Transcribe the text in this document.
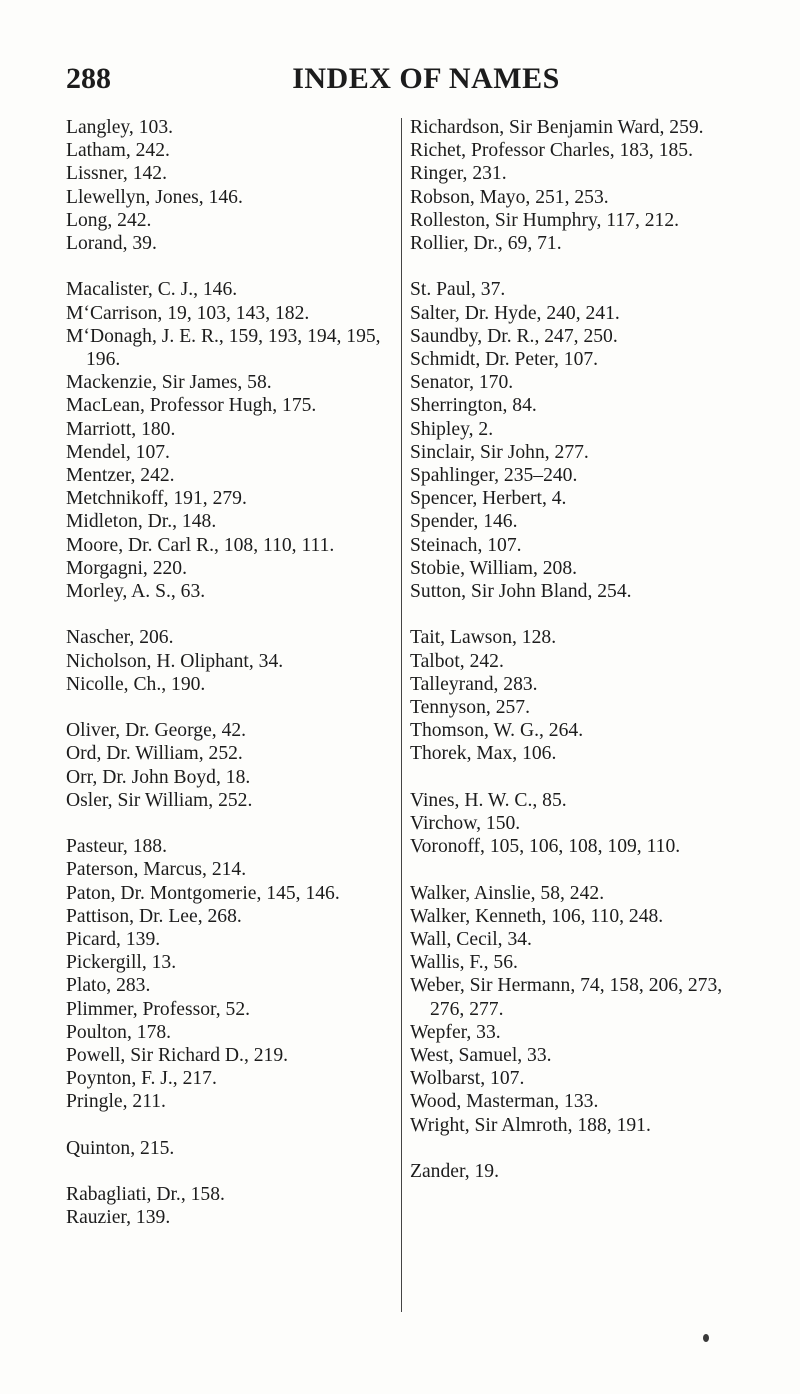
288	INDEX OF NAMES
Langley, 103.
Latham, 242.
Lissner, 142.
Llewellyn, Jones, 146.
Long, 242.
Lorand, 39.
Macalister, C. J., 146.
M‘Carrison, 19, 103, 143, 182.
M‘Donagh, J. E. R., 159, 193, 194, 195, 196.
Mackenzie, Sir James, 58.
MacLean, Professor Hugh, 175.
Marriott, 180.
Mendel, 107.
Mentzer, 242.
Metchnikoff, 191, 279.
Midleton, Dr., 148.
Moore, Dr. Carl R., 108, 110, 111.
Morgagni, 220.
Morley, A. S., 63.
Nascher, 206.
Nicholson, H. Oliphant, 34.
Nicolle, Ch., 190.
Oliver, Dr. George, 42.
Ord, Dr. William, 252.
Orr, Dr. John Boyd, 18.
Osler, Sir William, 252.
Pasteur, 188.
Paterson, Marcus, 214.
Paton, Dr. Montgomerie, 145, 146.
Pattison, Dr. Lee, 268.
Picard, 139.
Pickergill, 13.
Plato, 283.
Plimmer, Professor, 52.
Poulton, 178.
Powell, Sir Richard D., 219.
Poynton, F. J., 217.
Pringle, 211.
Quinton, 215.
Rabagliati, Dr., 158.
Rauzier, 139.
Richardson, Sir Benjamin Ward, 259.
Richet, Professor Charles, 183, 185.
Ringer, 231.
Robson, Mayo, 251, 253.
Rolleston, Sir Humphry, 117, 212.
Rollier, Dr., 69, 71.
St. Paul, 37.
Salter, Dr. Hyde, 240, 241.
Saundby, Dr. R., 247, 250.
Schmidt, Dr. Peter, 107.
Senator, 170.
Sherrington, 84.
Shipley, 2.
Sinclair, Sir John, 277.
Spahlinger, 235–240.
Spencer, Herbert, 4.
Spender, 146.
Steinach, 107.
Stobie, William, 208.
Sutton, Sir John Bland, 254.
Tait, Lawson, 128.
Talbot, 242.
Talleyrand, 283.
Tennyson, 257.
Thomson, W. G., 264.
Thorek, Max, 106.
Vines, H. W. C., 85.
Virchow, 150.
Voronoff, 105, 106, 108, 109, 110.
Walker, Ainslie, 58, 242.
Walker, Kenneth, 106, 110, 248.
Wall, Cecil, 34.
Wallis, F., 56.
Weber, Sir Hermann, 74, 158, 206, 273, 276, 277.
Wepfer, 33.
West, Samuel, 33.
Wolbarst, 107.
Wood, Masterman, 133.
Wright, Sir Almroth, 188, 191.
Zander, 19.
